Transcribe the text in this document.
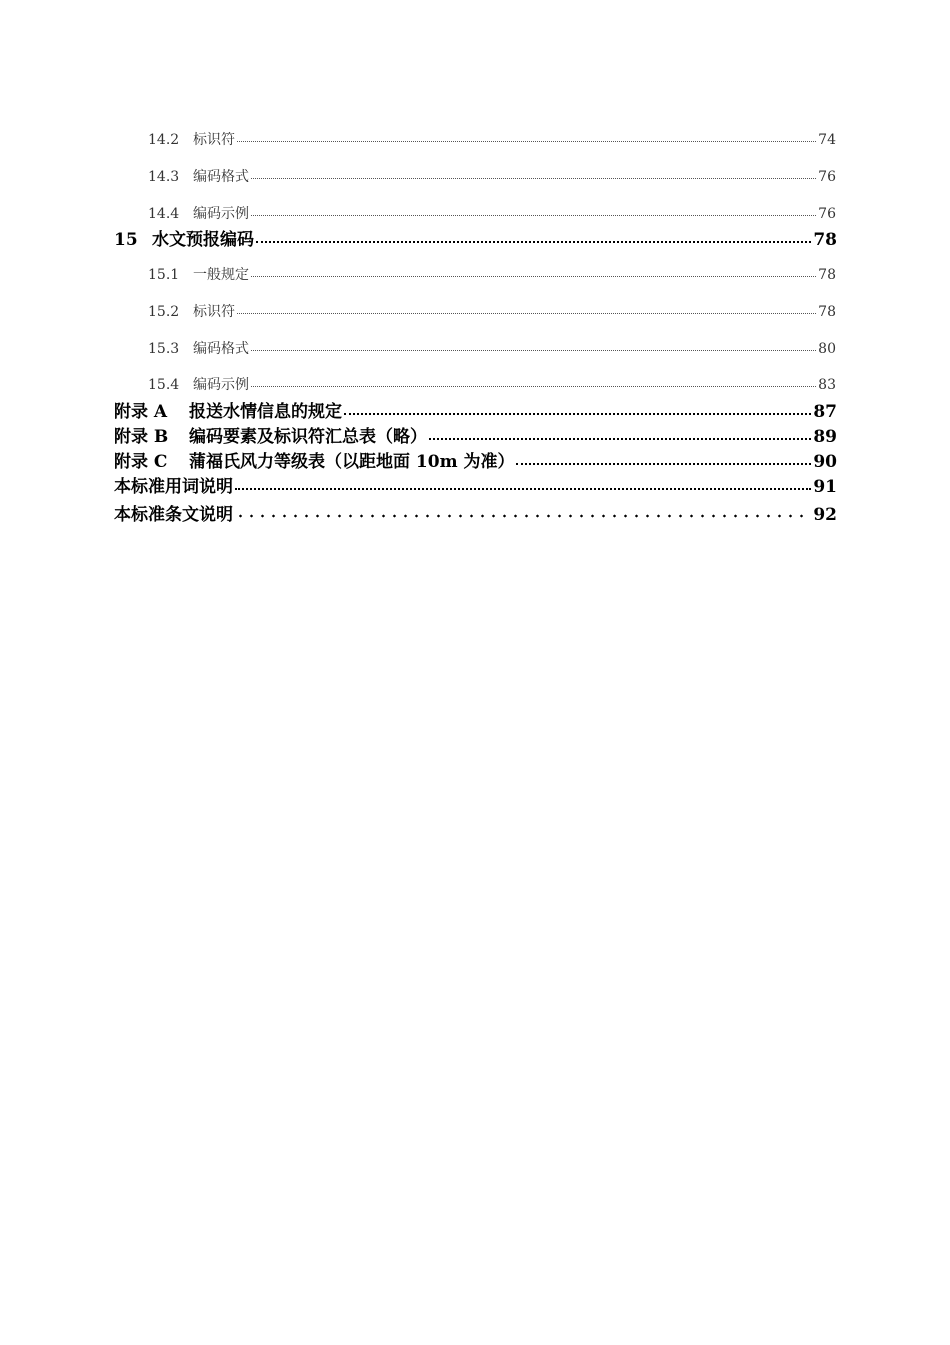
14.2 标识符	74
14.3 编码格式	76
14.4 编码示例	76
15 水文预报编码	78
15.1 一般规定	78
15.2 标识符	78
15.3 编码格式	80
15.4 编码示例	83
附录 A	报送水情信息的规定	87
附录 B	编码要素及标识符汇总表（略）	89
附录 C	蒲福氏风力等级表（以距地面 10m 为准）	90
本标准用词说明	91
本标准条文说明	92
